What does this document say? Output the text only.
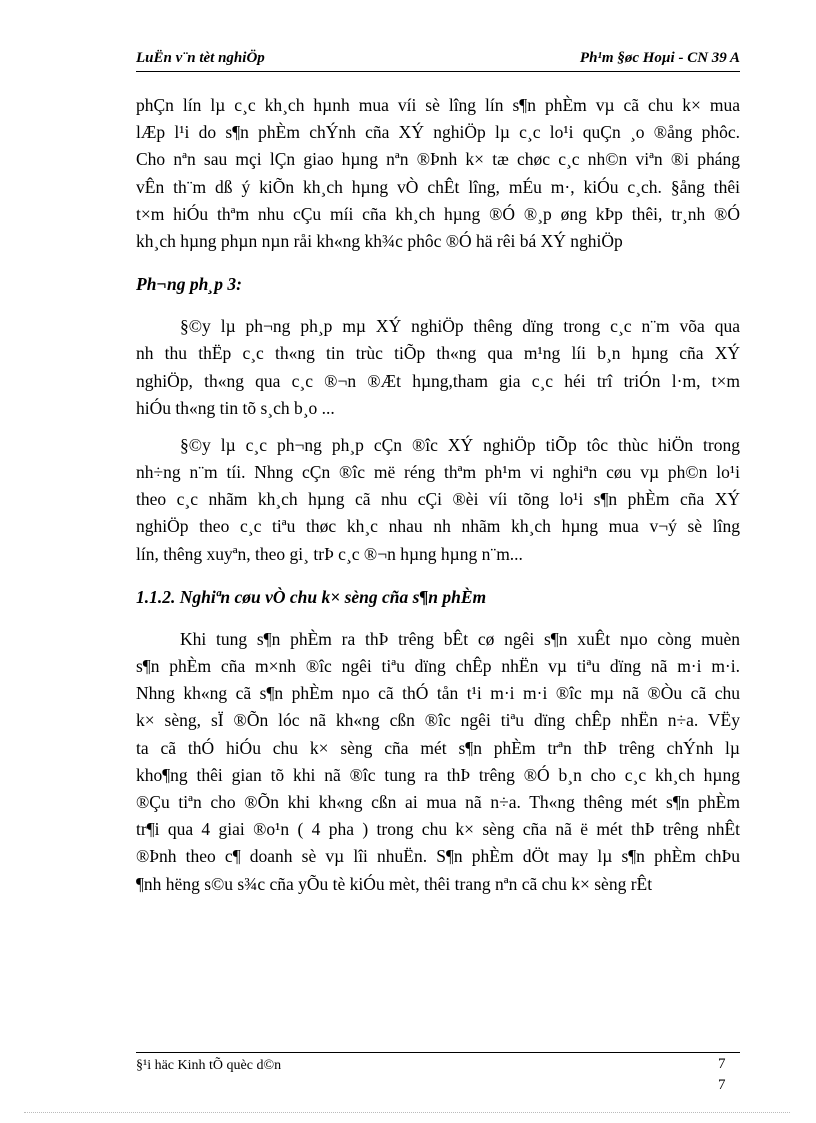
LuËn v¨n tèt nghiÖp	Ph¹m §øc Hoµi - CN 39 A

phÇn lín lµ c¸c kh¸ch hµnh mua víi sè lîng lín s¶n phÈm vµ cã chu k× mua

lÆp l¹i do s¶n phÈm chÝnh cña XÝ nghiÖp lµ c¸c lo¹i quÇn ¸o ®ång phôc.

Cho nªn sau mçi lÇn giao hµng nªn ®Þnh k× tæ chøc c¸c nh©n viªn ®i pháng

vÊn th¨m dß ý kiÕn kh¸ch hµng vÒ chÊt lîng, mÉu m·, kiÓu c¸ch. §ång thêi

t×m hiÓu thªm nhu cÇu míi cña kh¸ch hµng ®Ó ®¸p øng kÞp thêi, tr¸nh ®Ó

kh¸ch hµng phµn nµn råi kh«ng kh¾c phôc ®Ó hä rêi bá XÝ nghiÖp

Ph¬ng ph¸p 3:

§©y lµ ph¬ng ph¸p mµ XÝ nghiÖp thêng dïng trong c¸c n¨m võa qua

nh thu thËp c¸c th«ng tin trùc tiÕp th«ng qua m¹ng líi b¸n hµng cña XÝ

nghiÖp, th«ng qua c¸c ®¬n ®Æt hµng,tham gia c¸c héi trî triÓn l·m, t×m

hiÓu th«ng tin tõ s¸ch b¸o ...

§©y lµ c¸c ph¬ng ph¸p cÇn ®îc XÝ nghiÖp tiÕp tôc thùc hiÖn trong

nh÷ng n¨m tíi. Nhng cÇn ®îc më réng thªm ph¹m vi nghiªn cøu vµ ph©n lo¹i

theo c¸c nhãm kh¸ch hµng cã nhu cÇi ®èi víi tõng lo¹i s¶n phÈm cña XÝ

nghiÖp theo c¸c tiªu thøc kh¸c nhau nh nhãm kh¸ch hµng mua v¬ý sè lîng

lín, thêng xuyªn, theo gi¸ trÞ c¸c ®¬n hµng hµng n¨m...

1.1.2. Nghiªn cøu vÒ chu k× sèng cña s¶n phÈm

Khi tung s¶n phÈm ra thÞ trêng bÊt cø ngêi s¶n xuÊt nµo còng muèn

s¶n phÈm cña m×nh ®îc ngêi tiªu dïng chÊp nhËn vµ tiªu dïng nã m·i m·i.

Nhng kh«ng cã s¶n phÈm nµo cã thÓ tån t¹i m·i m·i ®îc mµ nã ®Òu cã chu

k× sèng, sÏ ®Õn lóc nã kh«ng cßn ®îc ngêi tiªu dïng chÊp nhËn n÷a. VËy

ta cã thÓ hiÓu chu k× sèng cña mét s¶n phÈm trªn thÞ trêng chÝnh lµ

kho¶ng thêi gian tõ khi nã ®îc tung ra thÞ trêng ®Ó b¸n cho c¸c kh¸ch hµng

®Çu tiªn cho ®Õn khi kh«ng cßn ai mua nã n÷a. Th«ng thêng mét s¶n phÈm

tr¶i qua 4 giai ®o¹n ( 4 pha ) trong chu k× sèng cña nã ë mét thÞ trêng nhÊt

®Þnh theo c¶ doanh sè vµ lîi nhuËn. S¶n phÈm dÖt may lµ s¶n phÈm chÞu

¶nh hëng s©u s¾c cña yÕu tè kiÓu mèt, thêi trang nªn cã chu k× sèng rÊt

§¹i häc Kinh tÕ quèc d©n	7
7
